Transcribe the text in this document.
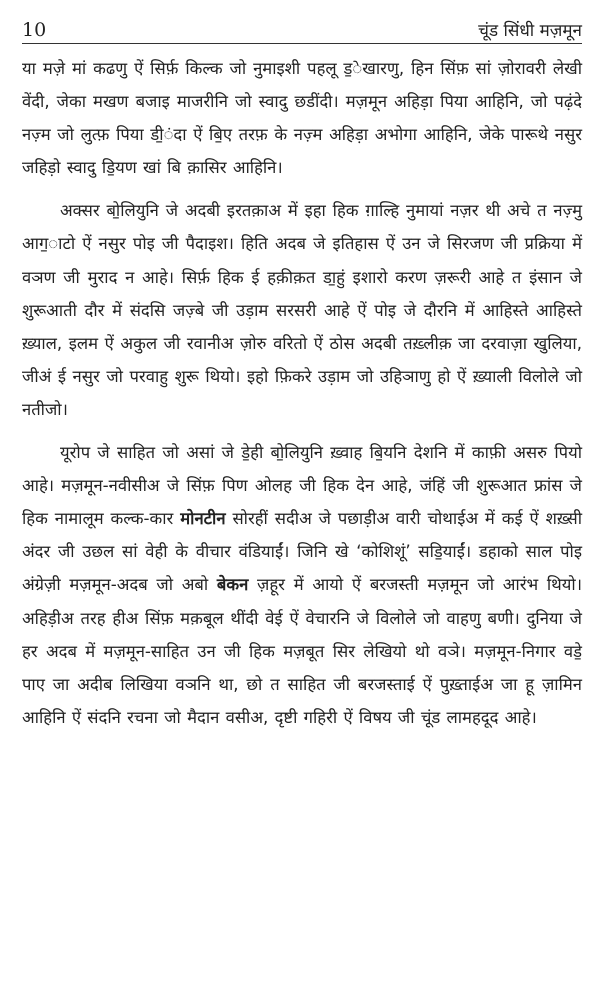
10	चूंड सिंधी मज़मून

या मज़े मां कढणु ऐं सिर्फ़ किल्क जो नुमाइशी पहलू ड॒ेखारणु, हिन सिंफ़ सां ज़ोरावरी लेखी वेंदी, जेका मखण बजाइ माजरीनि जो स्वादु छडींदी। मज़मून अहिड़ा पिया आहिनि, जो पढ़ंदे नज़्म जो लुत्फ़ पिया डी॒ंदा ऐं बि॒ए तरफ़ के नज़्म अहिड़ा अभोगा आहिनि, जेके पारूथे नसुर जहिड़ो स्वादु डि॒यण खां बि क़ासिर आहिनि।

अक्सर बो॒लियुनि जे अदबी इरतक़ाअ में इहा हिक ग़ाल्हि नुमायां नज़र थी अचे त नज़्मु आग॒ाटो ऐं नसुर पोइ जी पैदाइश। हिति अदब जे इतिहास ऐं उन जे सिरजण जी प्रक्रिया में वञण जी मुराद न आहे। सिर्फ़ हिक ई हक़ीक़त डा॒हुं इशारो करण ज़रूरी आहे त इंसान जे शुरूआती दौर में संदसि जज़्बे जी उड़ाम सरसरी आहे ऐं पोइ जे दौरनि में आहिस्ते आहिस्ते ख़्याल, इलम ऐं अकुल जी रवानीअ ज़ोरु वरितो ऐं ठोस अदबी तख़्लीक़ जा दरवाज़ा खुलिया, जीअं ई नसुर जो परवाहु शुरू थियो। इहो फ़िकरे उड़ाम जो उहिञाणु हो ऐं ख़्याली विलोले जो नतीजो।

यूरोप जे साहित जो असां जे डे॒ही बो॒लियुनि ख़्वाह बि॒यनि देशनि में काफ़ी असरु पियो आहे। मज़मून-नवीसीअ जे सिंफ़ पिण ओलह जी हिक देन आहे, जंहिं जी शुरूआत फ्रांस जे हिक नामालूम कल्क-कार मोनटीन सोरहीं सदीअ जे पछाड़ीअ वारी चोथाईअ में कई ऐं शख़्सी अंदर जी उछल सां वेही के वीचार वंडियाईं। जिनि खे ‘कोशिशूं’ सडि॒याईं। डहाको साल पोइ अंग्रेज़ी मज़मून-अदब जो अबो बेकन ज़हूर में आयो ऐं बरजस्ती मज़मून जो आरंभ थियो। अहिड़ीअ तरह हीअ सिंफ़ मक़बूल थींदी वेई ऐं वेचारनि जे विलोले जो वाहणु बणी। दुनिया जे हर अदब में मज़मून-साहित उन जी हिक मज़बूत सिर लेखियो थो वञे। मज़मून-निगार वडे॒ पाए जा अदीब लिखिया वञनि था, छो त साहित जी बरजस्ताई ऐं पुख़्ताईअ जा हू ज़ामिन आहिनि ऐं संदनि रचना जो मैदान वसीअ, दृष्टी गहिरी ऐं विषय जी चूंड लामहदूद आहे।
